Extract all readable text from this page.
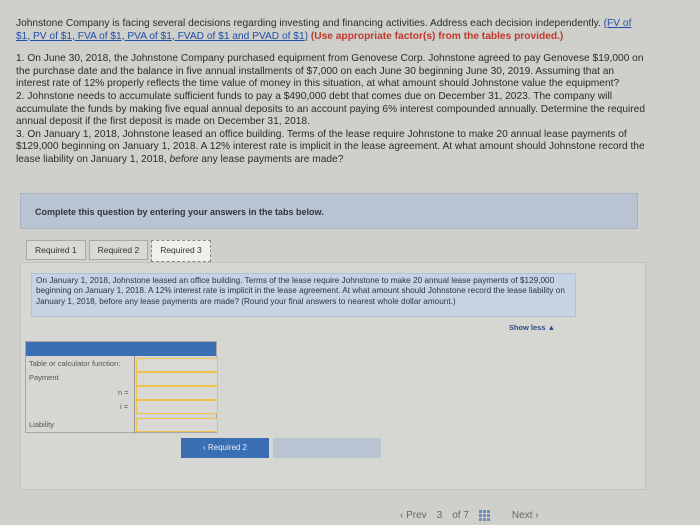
Johnstone Company is facing several decisions regarding investing and financing activities. Address each decision independently. (FV of $1, PV of $1, FVA of $1, PVA of $1, FVAD of $1 and PVAD of $1) (Use appropriate factor(s) from the tables provided.)

1. On June 30, 2018, the Johnstone Company purchased equipment from Genovese Corp. Johnstone agreed to pay Genovese $19,000 on the purchase date and the balance in five annual installments of $7,000 on each June 30 beginning June 30, 2019. Assuming that an interest rate of 12% properly reflects the time value of money in this situation, at what amount should Johnstone value the equipment?

2. Johnstone needs to accumulate sufficient funds to pay a $490,000 debt that comes due on December 31, 2023. The company will accumulate the funds by making five equal annual deposits to an account paying 6% interest compounded annually. Determine the required annual deposit if the first deposit is made on December 31, 2018.

3. On January 1, 2018, Johnstone leased an office building. Terms of the lease require Johnstone to make 20 annual lease payments of $129,000 beginning on January 1, 2018. A 12% interest rate is implicit in the lease agreement. At what amount should Johnstone record the lease liability on January 1, 2018, before any lease payments are made?

Complete this question by entering your answers in the tabs below.
Required 1	Required 2	Required 3
On January 1, 2018, Johnstone leased an office building. Terms of the lease require Johnstone to make 20 annual lease payments of $129,000 beginning on January 1, 2018. A 12% interest rate is implicit in the lease agreement. At what amount should Johnstone record the lease liability on January 1, 2018, before any lease payments are made? (Round your final answers to nearest whole dollar amount.)
Show less ▲
Table or calculator function:
Payment
n =
i =
Liability
‹ Required 2
‹ Prev 3 of 7	Next ›
